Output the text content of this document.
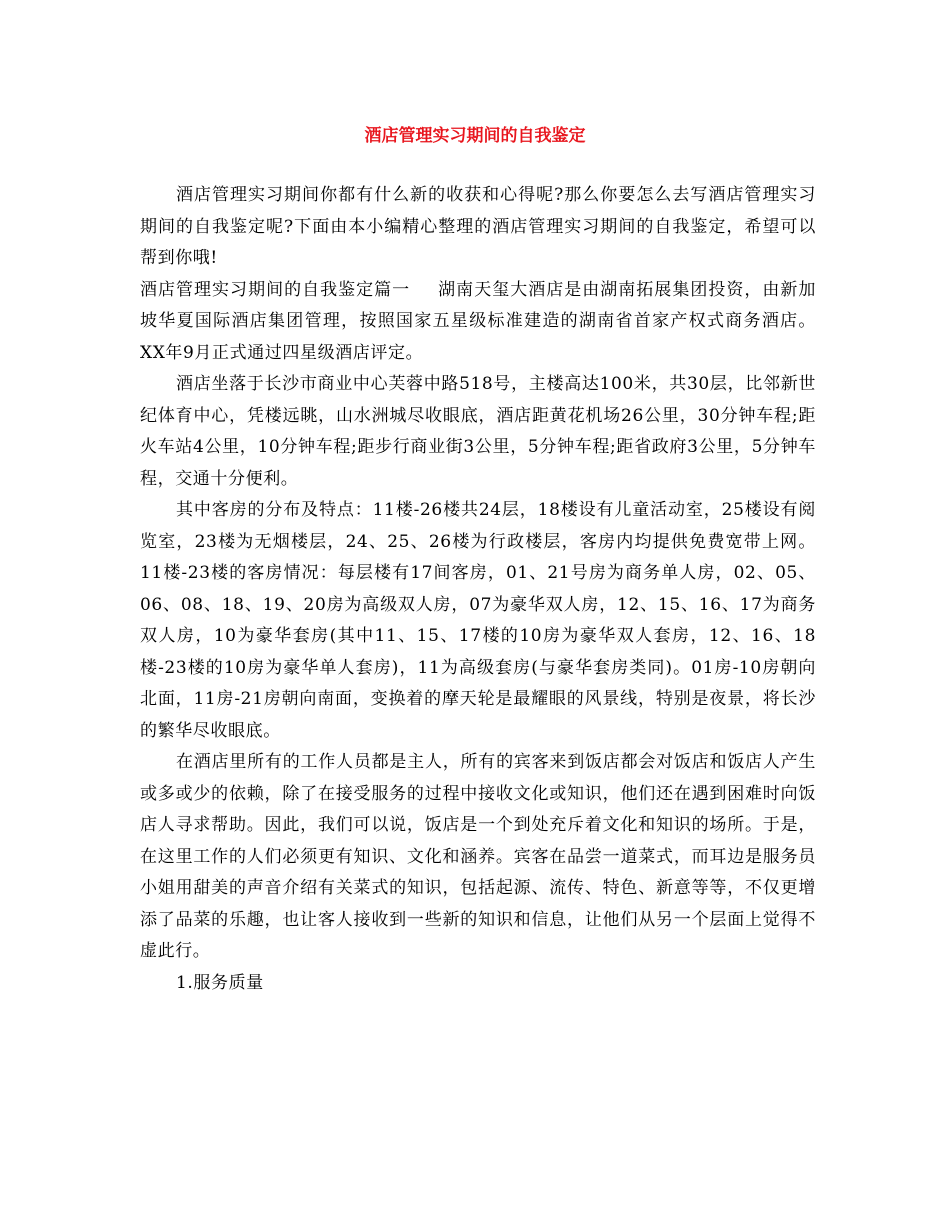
酒店管理实习期间的自我鉴定

酒店管理实习期间你都有什么新的收获和心得呢?那么你要怎么去写酒店管理实习期间的自我鉴定呢?下面由本小编精心整理的酒店管理实习期间的自我鉴定，希望可以帮到你哦!

酒店管理实习期间的自我鉴定篇一 湖南天玺大酒店是由湖南拓展集团投资，由新加坡华夏国际酒店集团管理，按照国家五星级标准建造的湖南省首家产权式商务酒店。XX年9月正式通过四星级酒店评定。

酒店坐落于长沙市商业中心芙蓉中路518号，主楼高达100米，共30层，比邻新世纪体育中心，凭楼远眺，山水洲城尽收眼底，酒店距黄花机场26公里，30分钟车程;距火车站4公里，10分钟车程;距步行商业街3公里，5分钟车程;距省政府3公里，5分钟车程，交通十分便利。

其中客房的分布及特点：11楼-26楼共24层，18楼设有儿童活动室，25楼设有阅览室，23楼为无烟楼层，24、25、26楼为行政楼层，客房内均提供免费宽带上网。11楼-23楼的客房情况：每层楼有17间客房，01、21号房为商务单人房，02、05、06、08、18、19、20房为高级双人房，07为豪华双人房，12、15、16、17为商务双人房，10为豪华套房(其中11、15、17楼的10房为豪华双人套房，12、16、18楼-23楼的10房为豪华单人套房)，11为高级套房(与豪华套房类同)。01房-10房朝向北面，11房-21房朝向南面，变换着的摩天轮是最耀眼的风景线，特别是夜景，将长沙的繁华尽收眼底。

在酒店里所有的工作人员都是主人，所有的宾客来到饭店都会对饭店和饭店人产生或多或少的依赖，除了在接受服务的过程中接收文化或知识，他们还在遇到困难时向饭店人寻求帮助。因此，我们可以说，饭店是一个到处充斥着文化和知识的场所。于是，在这里工作的人们必须更有知识、文化和涵养。宾客在品尝一道菜式，而耳边是服务员小姐用甜美的声音介绍有关菜式的知识，包括起源、流传、特色、新意等等，不仅更增添了品菜的乐趣，也让客人接收到一些新的知识和信息，让他们从另一个层面上觉得不虚此行。

1.服务质量
